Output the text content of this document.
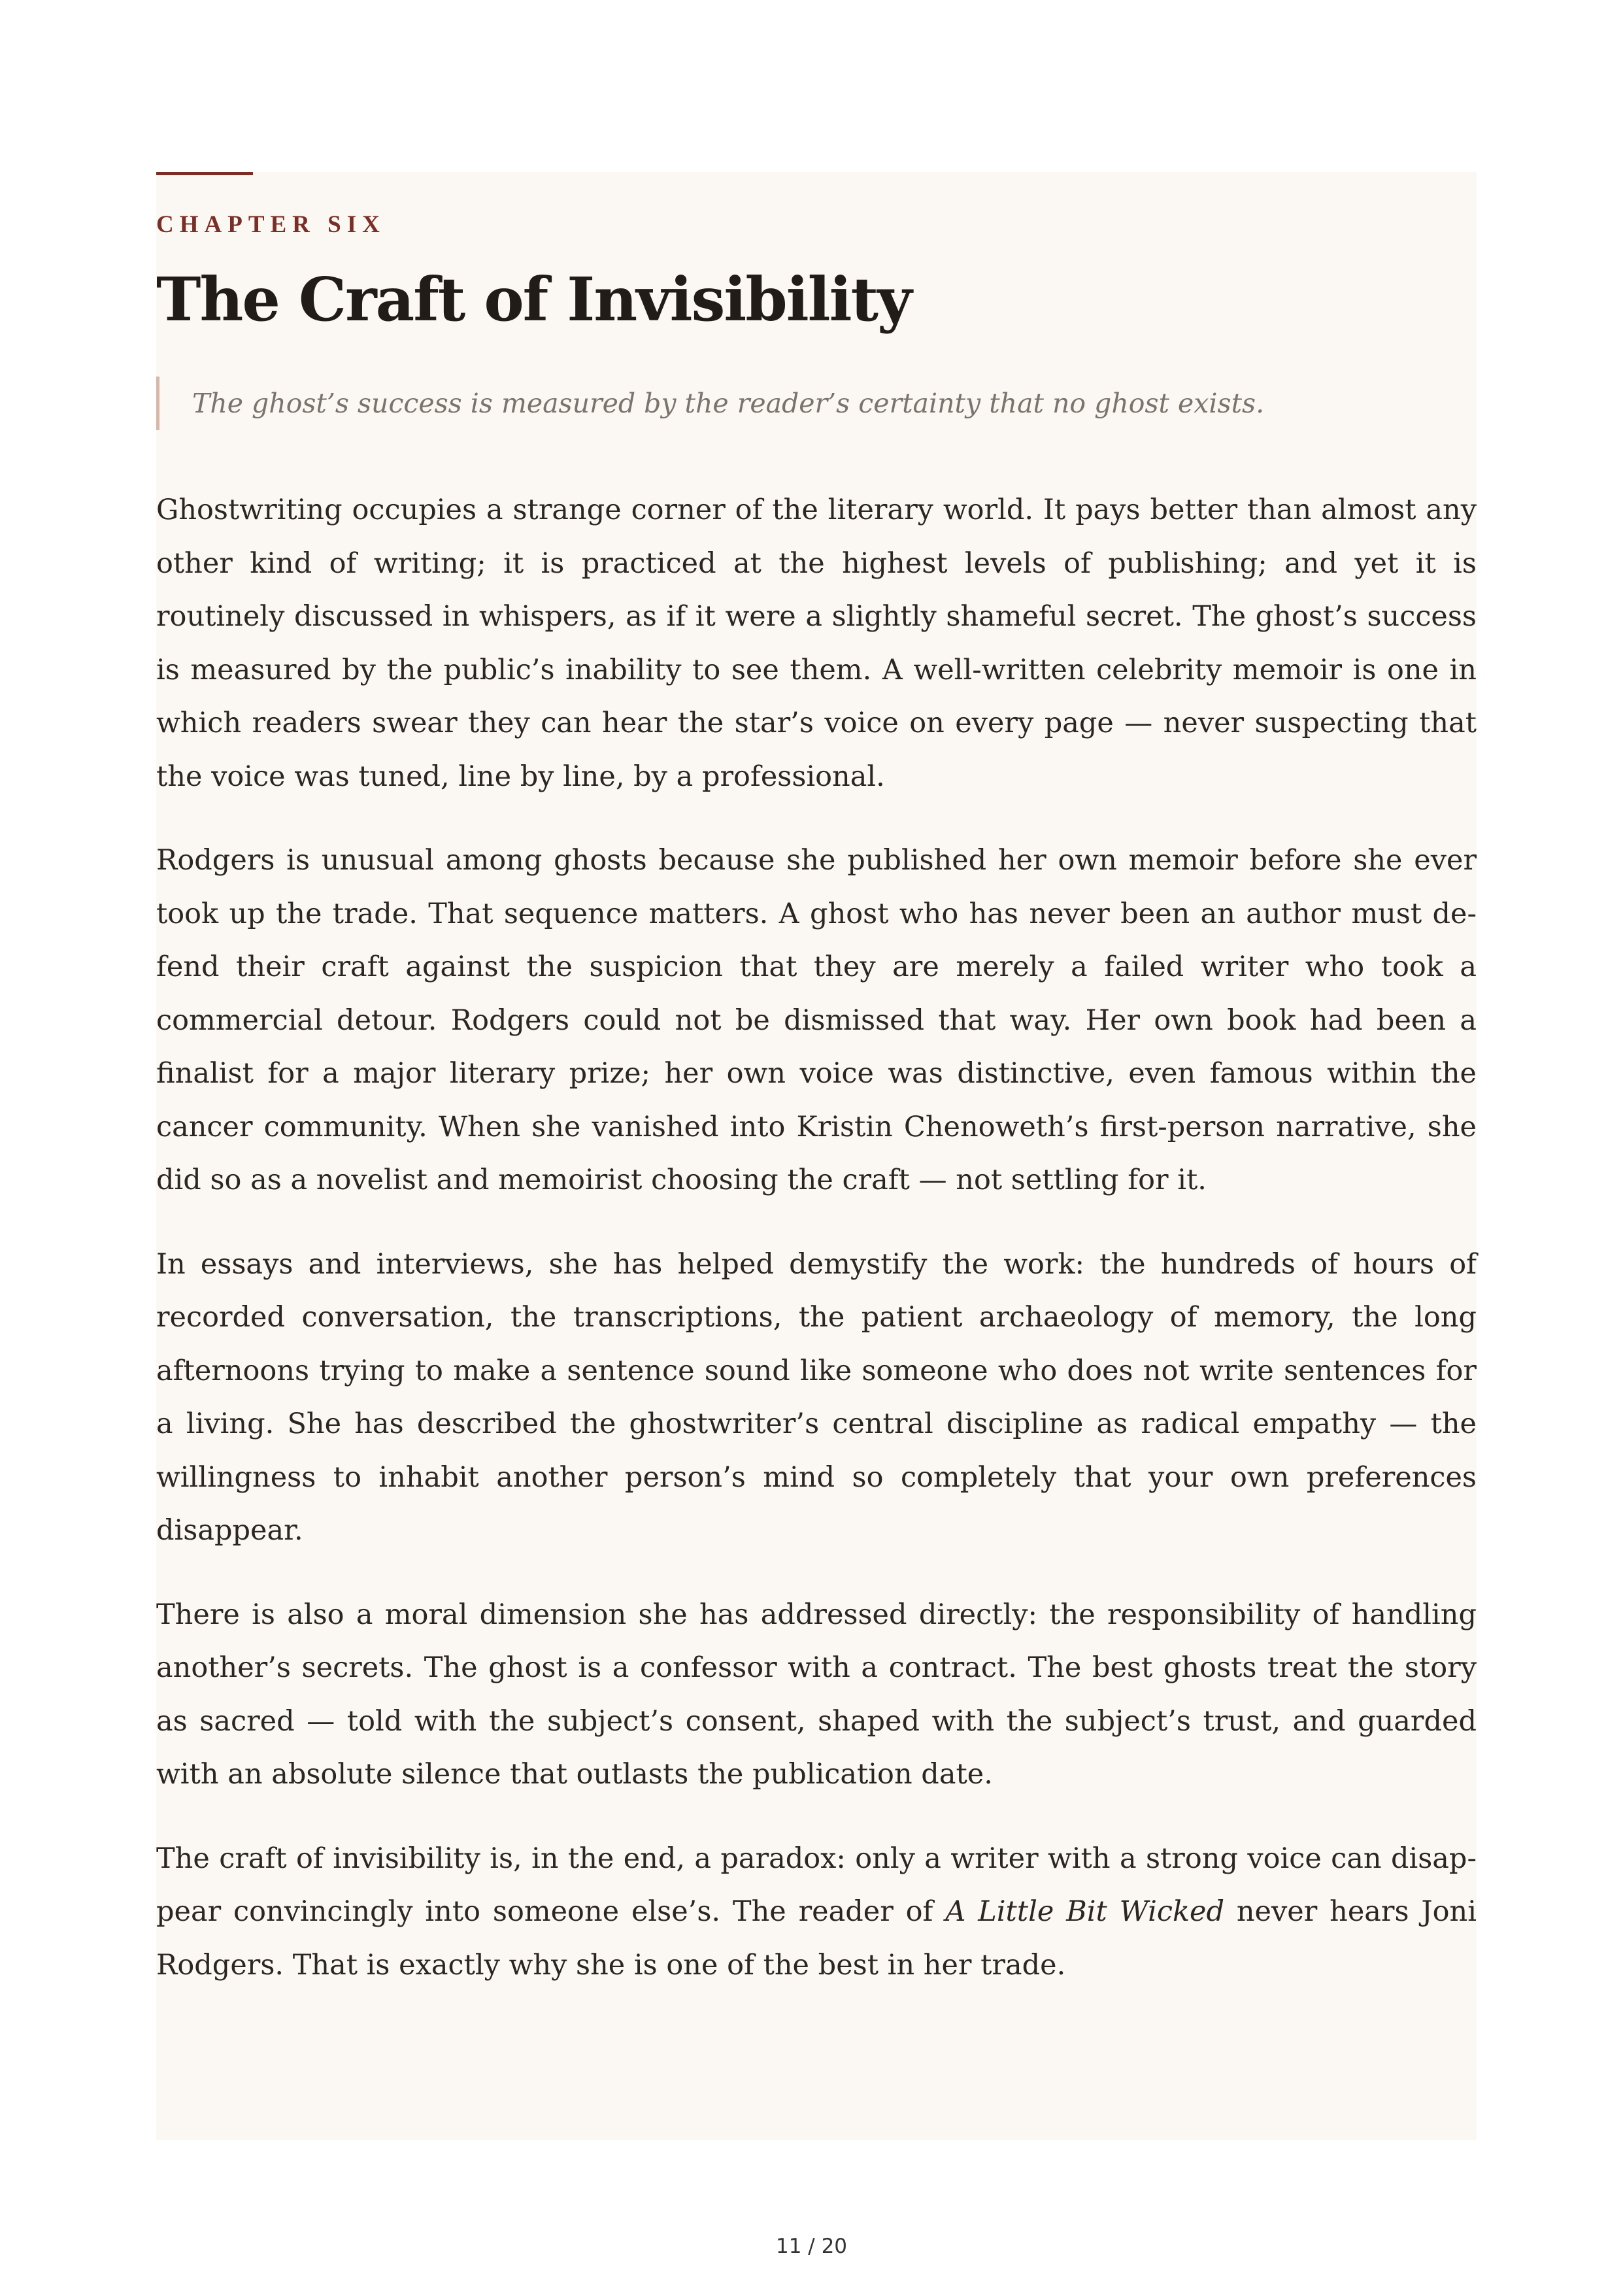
CHAPTER SIX
The Craft of Invisibility
The ghost’s success is measured by the reader’s certainty that no ghost exists.

Ghostwriting occupies a strange corner of the literary world. It pays better than almost any other kind of writing; it is practiced at the highest levels of publishing; and yet it is routinely discussed in whispers, as if it were a slightly shameful secret. The ghost’s success is measured by the public’s inability to see them. A well-written celebrity memoir is one in which readers swear they can hear the star’s voice on every page — never suspecting that the voice was tuned, line by line, by a professional.

Rodgers is unusual among ghosts because she published her own memoir before she ever took up the trade. That sequence matters. A ghost who has never been an author must defend their craft against the suspicion that they are merely a failed writer who took a commercial detour. Rodgers could not be dismissed that way. Her own book had been a finalist for a major literary prize; her own voice was distinctive, even famous within the cancer community. When she vanished into Kristin Chenoweth’s first-person narrative, she did so as a novelist and memoirist choosing the craft — not settling for it.

In essays and interviews, she has helped demystify the work: the hundreds of hours of recorded conversation, the transcriptions, the patient archaeology of memory, the long afternoons trying to make a sentence sound like someone who does not write sentences for a living. She has described the ghostwriter’s central discipline as radical empathy — the willingness to inhabit another person’s mind so completely that your own preferences disappear.

There is also a moral dimension she has addressed directly: the responsibility of handling another’s secrets. The ghost is a confessor with a contract. The best ghosts treat the story as sacred — told with the subject’s consent, shaped with the subject’s trust, and guarded with an absolute silence that outlasts the publication date.

The craft of invisibility is, in the end, a paradox: only a writer with a strong voice can disappear convincingly into someone else’s. The reader of A Little Bit Wicked never hears Joni Rodgers. That is exactly why she is one of the best in her trade.

11 / 20
